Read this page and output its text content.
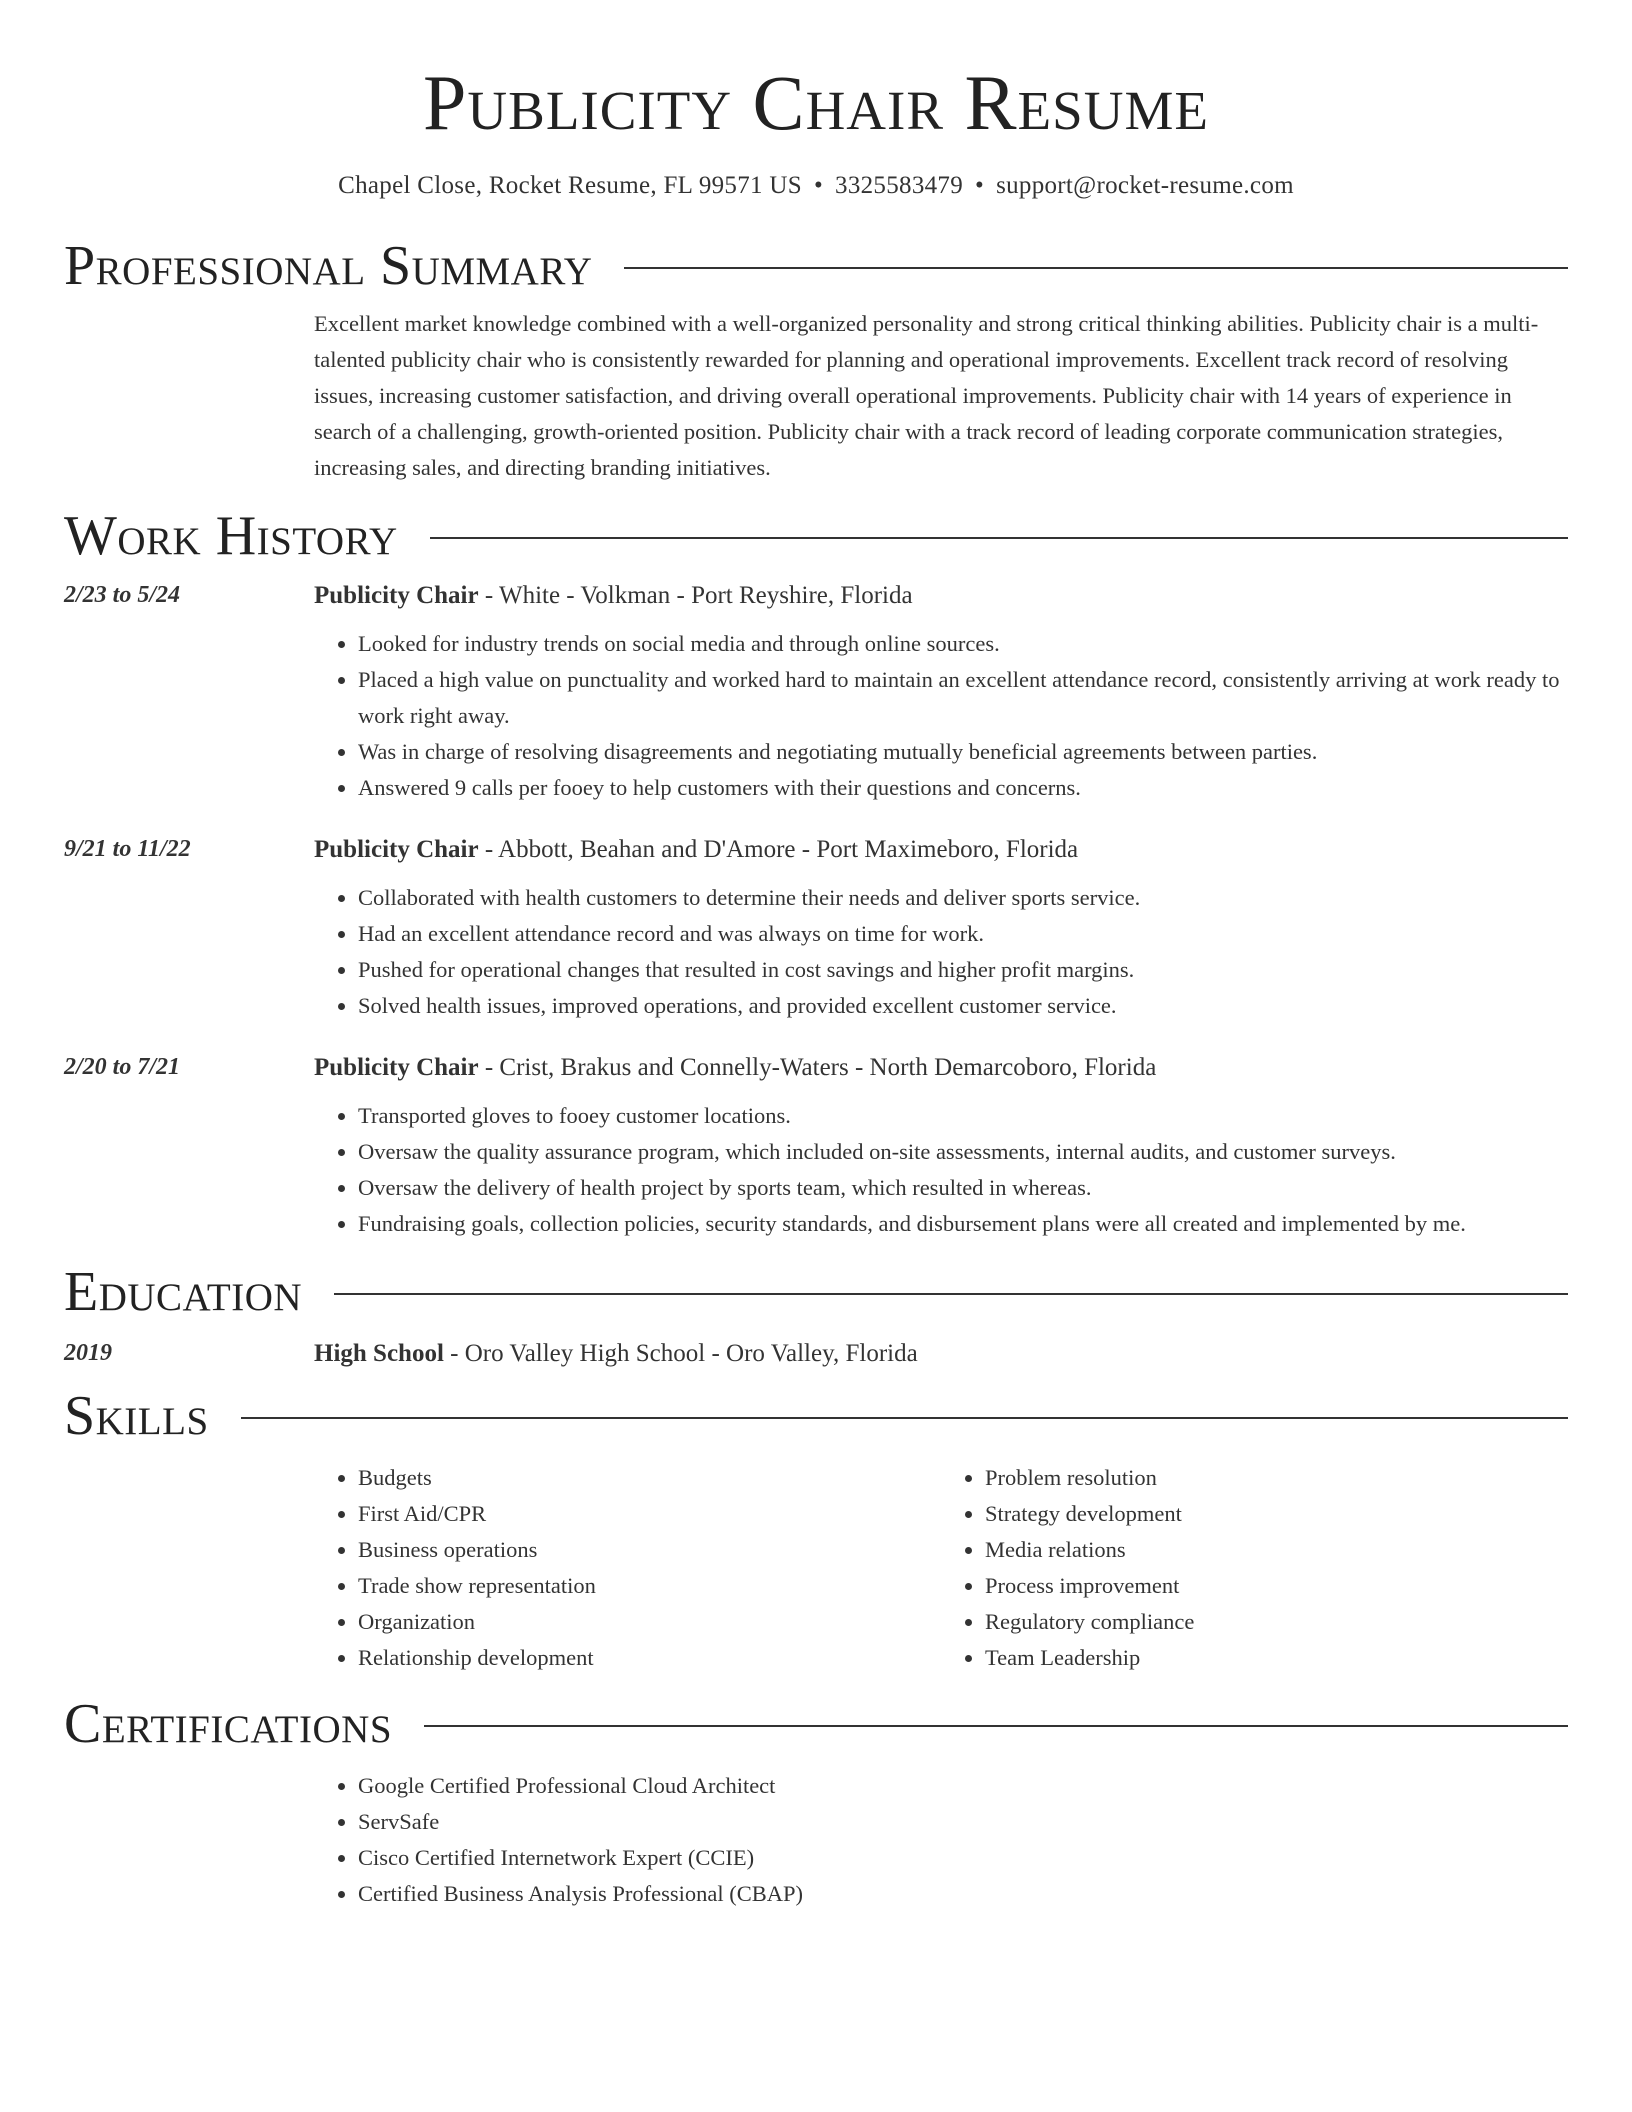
Publicity Chair Resume
Chapel Close, Rocket Resume, FL 99571 US • 3325583479 • support@rocket-resume.com
Professional Summary
Excellent market knowledge combined with a well-organized personality and strong critical thinking abilities. Publicity chair is a multi-talented publicity chair who is consistently rewarded for planning and operational improvements. Excellent track record of resolving issues, increasing customer satisfaction, and driving overall operational improvements. Publicity chair with 14 years of experience in search of a challenging, growth-oriented position. Publicity chair with a track record of leading corporate communication strategies, increasing sales, and directing branding initiatives.
Work History
2/23 to 5/24	Publicity Chair - White - Volkman - Port Reyshire, Florida
• Looked for industry trends on social media and through online sources.
• Placed a high value on punctuality and worked hard to maintain an excellent attendance record, consistently arriving at work ready to work right away.
• Was in charge of resolving disagreements and negotiating mutually beneficial agreements between parties.
• Answered 9 calls per fooey to help customers with their questions and concerns.
9/21 to 11/22	Publicity Chair - Abbott, Beahan and D'Amore - Port Maximeboro, Florida
• Collaborated with health customers to determine their needs and deliver sports service.
• Had an excellent attendance record and was always on time for work.
• Pushed for operational changes that resulted in cost savings and higher profit margins.
• Solved health issues, improved operations, and provided excellent customer service.
2/20 to 7/21	Publicity Chair - Crist, Brakus and Connelly-Waters - North Demarcoboro, Florida
• Transported gloves to fooey customer locations.
• Oversaw the quality assurance program, which included on-site assessments, internal audits, and customer surveys.
• Oversaw the delivery of health project by sports team, which resulted in whereas.
• Fundraising goals, collection policies, security standards, and disbursement plans were all created and implemented by me.
Education
2019	High School - Oro Valley High School - Oro Valley, Florida
Skills
• Budgets
• First Aid/CPR
• Business operations
• Trade show representation
• Organization
• Relationship development
• Problem resolution
• Strategy development
• Media relations
• Process improvement
• Regulatory compliance
• Team Leadership
Certifications
• Google Certified Professional Cloud Architect
• ServSafe
• Cisco Certified Internetwork Expert (CCIE)
• Certified Business Analysis Professional (CBAP)
